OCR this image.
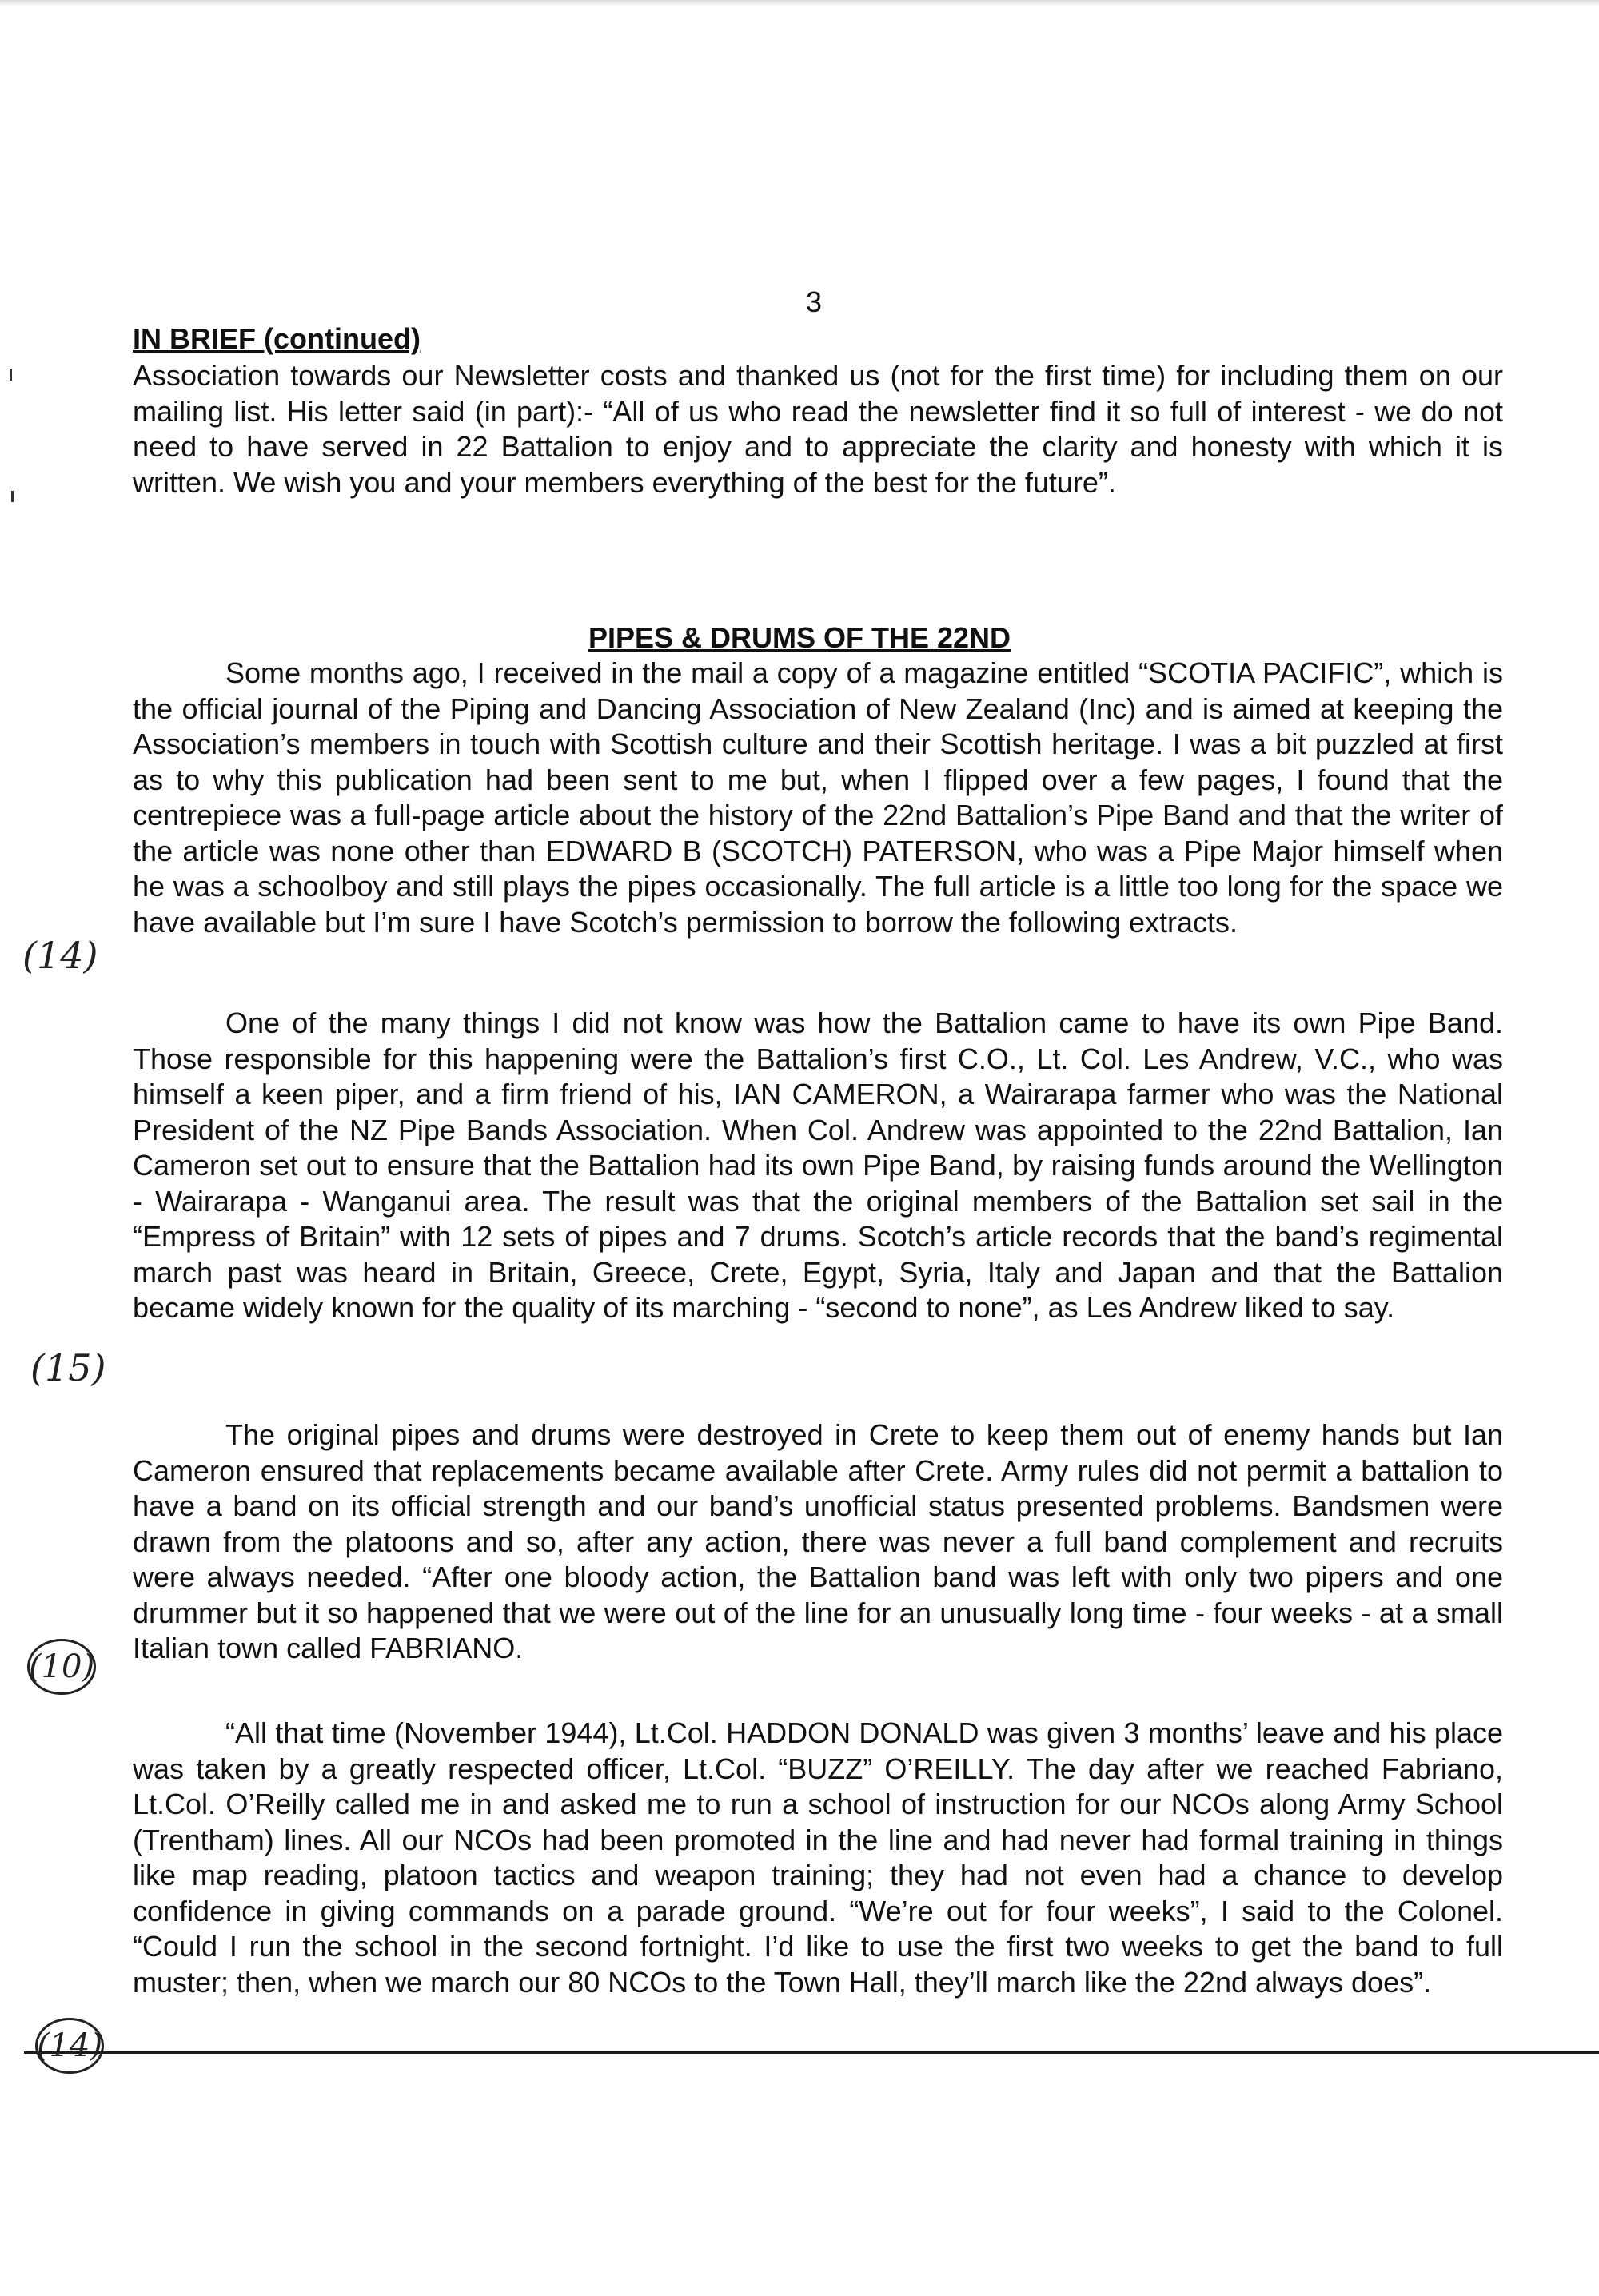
3
IN BRIEF (continued)

Association towards our Newsletter costs and thanked us (not for the first time) for including them on our mailing list. His letter said (in part):- “All of us who read the newsletter find it so full of interest - we do not need to have served in 22 Battalion to enjoy and to appreciate the clarity and honesty with which it is written. We wish you and your members everything of the best for the future”.

PIPES & DRUMS OF THE 22ND

Some months ago, I received in the mail a copy of a magazine entitled “SCOTIA PACIFIC”, which is the official journal of the Piping and Dancing Association of New Zealand (Inc) and is aimed at keeping the Association’s members in touch with Scottish culture and their Scottish heritage. I was a bit puzzled at first as to why this publication had been sent to me but, when I flipped over a few pages, I found that the centrepiece was a full-page article about the history of the 22nd Battalion’s Pipe Band and that the writer of the article was none other than EDWARD B (SCOTCH) PATERSON, who was a Pipe Major himself when he was a schoolboy and still plays the pipes occasionally. The full article is a little too long for the space we have available but I’m sure I have Scotch’s permission to borrow the following extracts.

One of the many things I did not know was how the Battalion came to have its own Pipe Band. Those responsible for this happening were the Battalion’s first C.O., Lt. Col. Les Andrew, V.C., who was himself a keen piper, and a firm friend of his, IAN CAMERON, a Wairarapa farmer who was the National President of the NZ Pipe Bands Association. When Col. Andrew was appointed to the 22nd Battalion, Ian Cameron set out to ensure that the Battalion had its own Pipe Band, by raising funds around the Wellington - Wairarapa - Wanganui area. The result was that the original members of the Battalion set sail in the “Empress of Britain” with 12 sets of pipes and 7 drums. Scotch’s article records that the band’s regimental march past was heard in Britain, Greece, Crete, Egypt, Syria, Italy and Japan and that the Battalion became widely known for the quality of its marching - “second to none”, as Les Andrew liked to say.

The original pipes and drums were destroyed in Crete to keep them out of enemy hands but Ian Cameron ensured that replacements became available after Crete. Army rules did not permit a battalion to have a band on its official strength and our band’s unofficial status presented problems. Bandsmen were drawn from the platoons and so, after any action, there was never a full band complement and recruits were always needed. “After one bloody action, the Battalion band was left with only two pipers and one drummer but it so happened that we were out of the line for an unusually long time - four weeks - at a small Italian town called FABRIANO.

“All that time (November 1944), Lt.Col. HADDON DONALD was given 3 months’ leave and his place was taken by a greatly respected officer, Lt.Col. “BUZZ” O’REILLY. The day after we reached Fabriano, Lt.Col. O’Reilly called me in and asked me to run a school of instruction for our NCOs along Army School (Trentham) lines. All our NCOs had been promoted in the line and had never had formal training in things like map reading, platoon tactics and weapon training; they had not even had a chance to develop confidence in giving commands on a parade ground. “We’re out for four weeks”, I said to the Colonel. “Could I run the school in the second fortnight. I’d like to use the first two weeks to get the band to full muster; then, when we march our 80 NCOs to the Town Hall, they’ll march like the 22nd always does”.

(14)
(15)
(10)
(14)
